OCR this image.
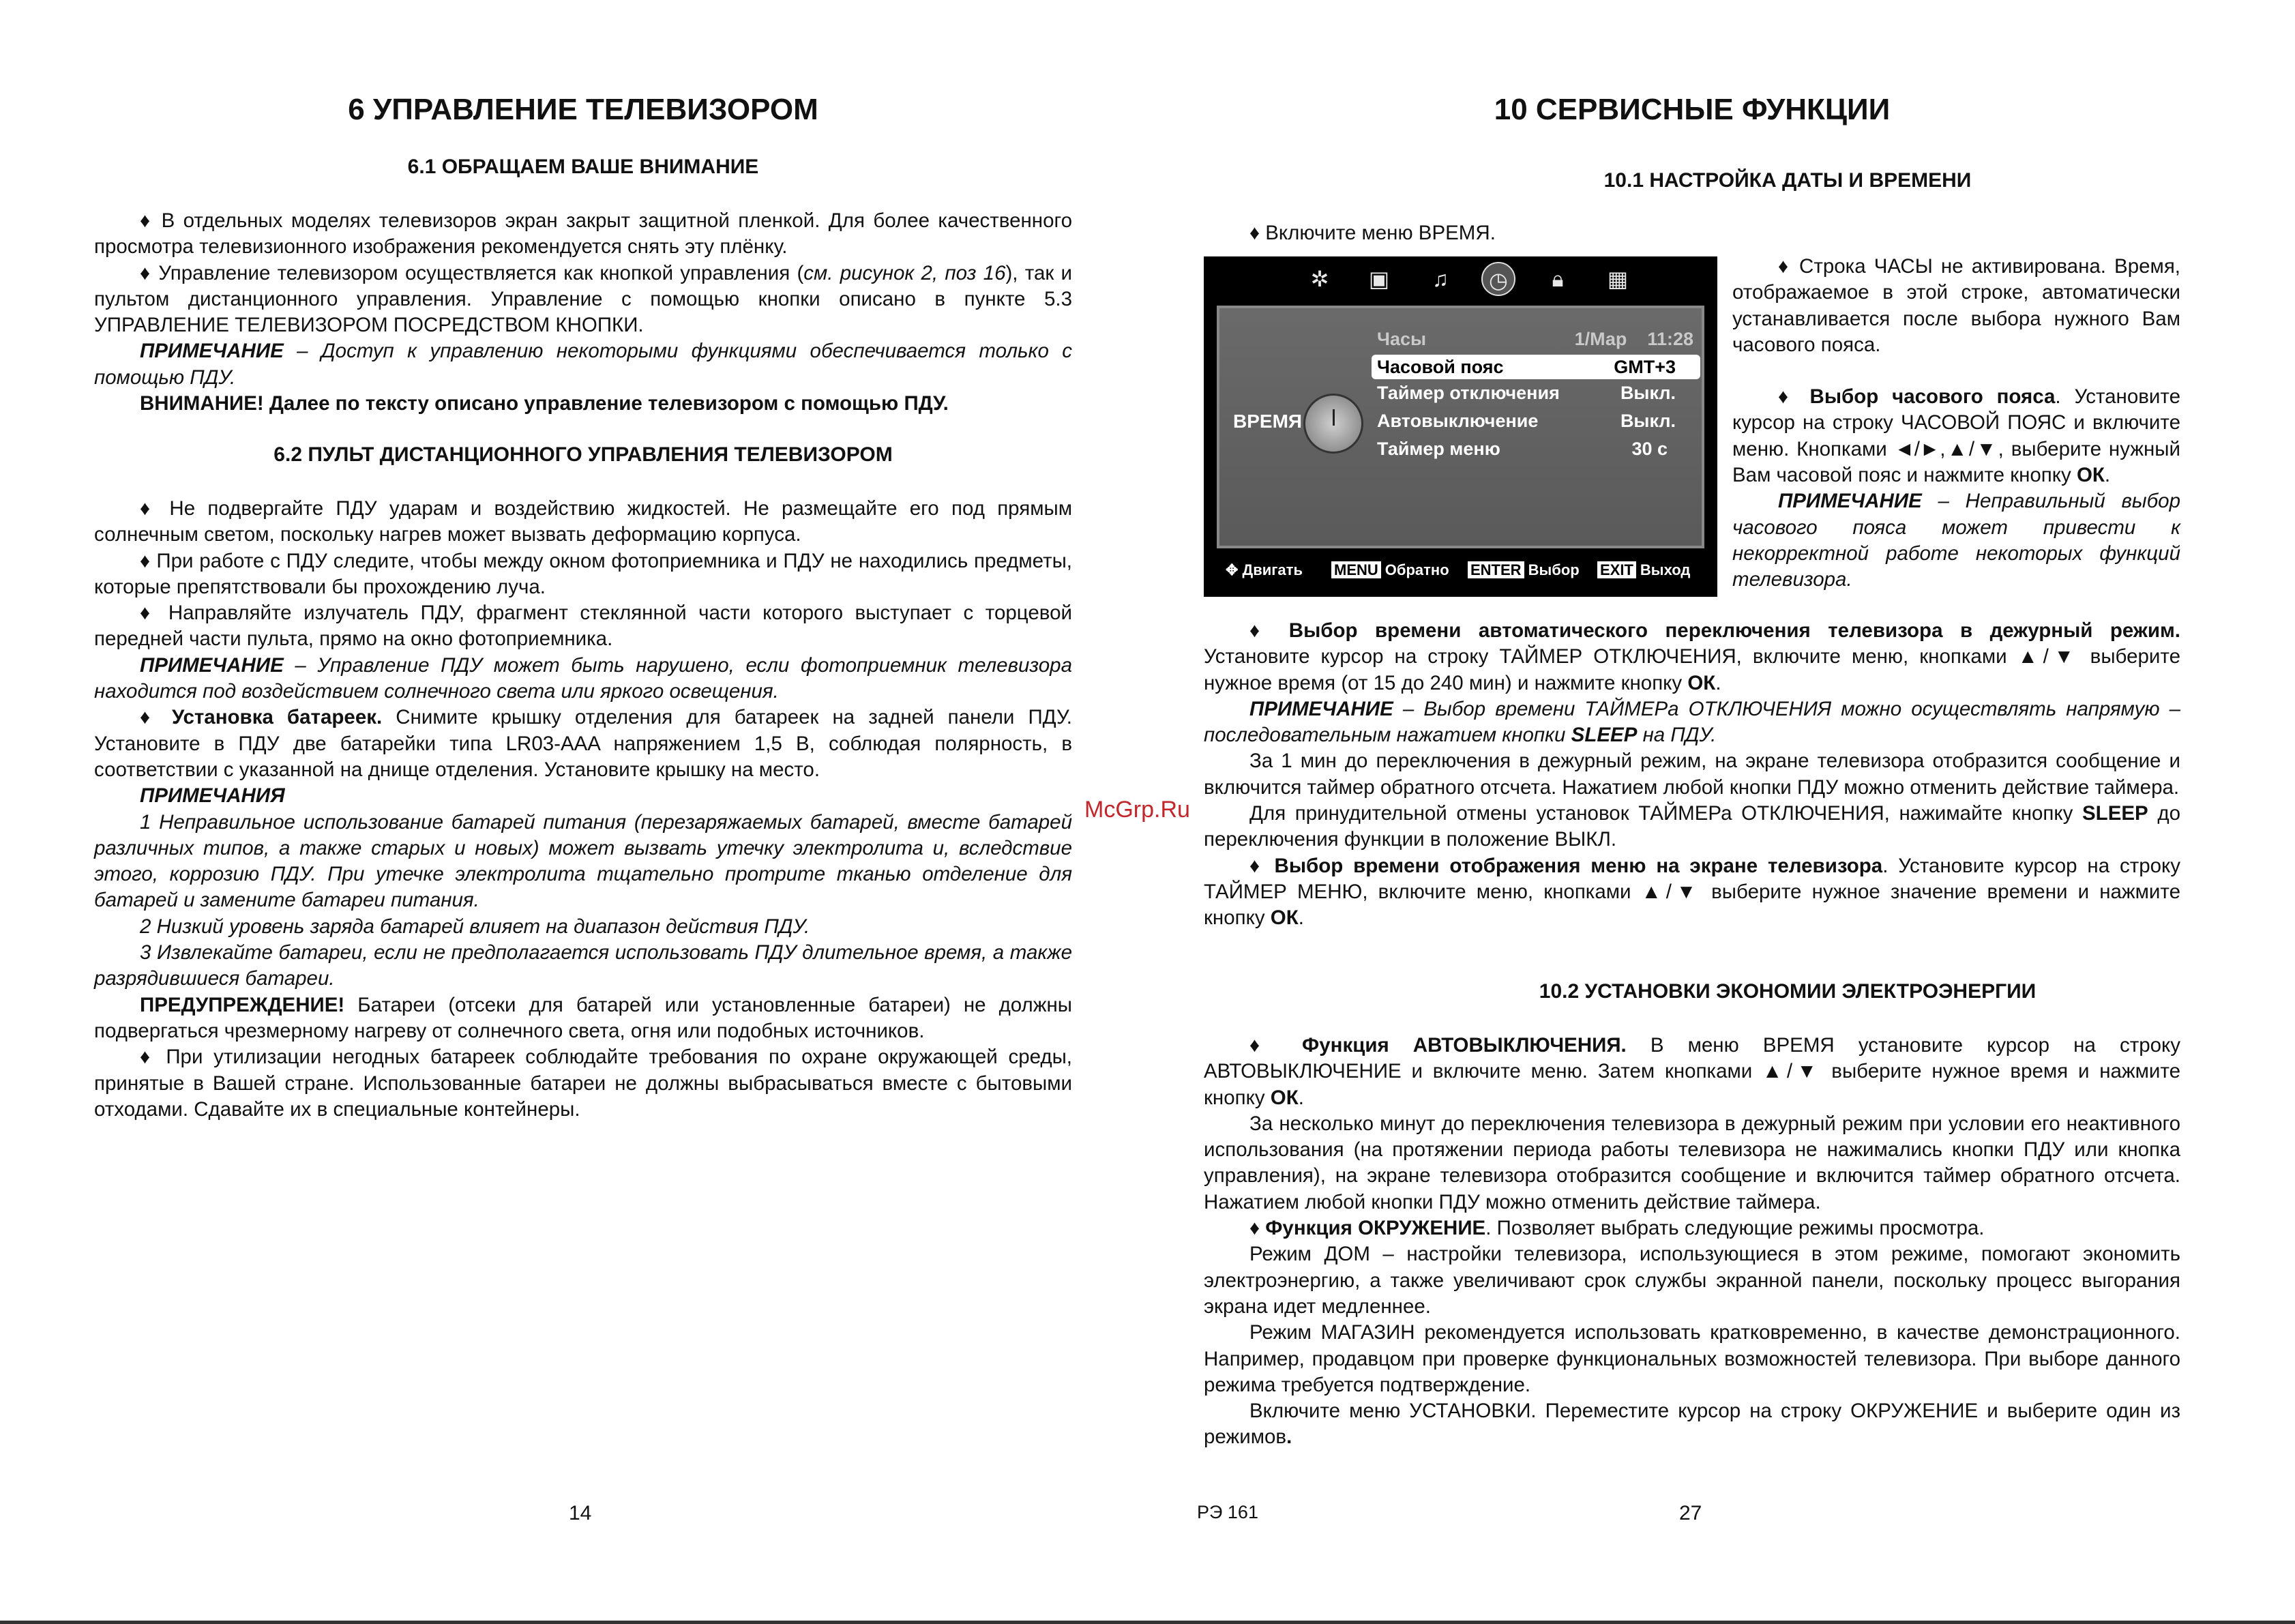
6 УПРАВЛЕНИЕ ТЕЛЕВИЗОРОМ
6.1 ОБРАЩАЕМ ВАШЕ ВНИМАНИЕ

♦ В отдельных моделях телевизоров экран закрыт защитной пленкой. Для более качественного просмотра телевизионного изображения рекомендуется снять эту плёнку.

♦ Управление телевизором осуществляется как кнопкой управления (см. рисунок 2, поз 16), так и пультом дистанционного управления. Управление с помощью кнопки описано в пункте 5.3 УПРАВЛЕНИЕ ТЕЛЕВИЗОРОМ ПОСРЕДСТВОМ КНОПКИ.

ПРИМЕЧАНИЕ – Доступ к управлению некоторыми функциями обеспечивается только с помощью ПДУ.

ВНИМАНИЕ! Далее по тексту описано управление телевизором с помощью ПДУ.

6.2 ПУЛЬТ ДИСТАНЦИОННОГО УПРАВЛЕНИЯ ТЕЛЕВИЗОРОМ

♦ Не подвергайте ПДУ ударам и воздействию жидкостей. Не размещайте его под прямым солнечным светом, поскольку нагрев может вызвать деформацию корпуса.

♦ При работе с ПДУ следите, чтобы между окном фотоприемника и ПДУ не находились предметы, которые препятствовали бы прохождению луча.

♦ Направляйте излучатель ПДУ, фрагмент стеклянной части которого выступает с торцевой передней части пульта, прямо на окно фотоприемника.

ПРИМЕЧАНИЕ – Управление ПДУ может быть нарушено, если фотоприемник телевизора находится под воздействием солнечного света или яркого освещения.

♦ Установка батареек. Снимите крышку отделения для батареек на задней панели ПДУ. Установите в ПДУ две батарейки типа LR03-AAA напряжением 1,5 В, соблюдая полярность, в соответствии с указанной на днище отделения. Установите крышку на место.

ПРИМЕЧАНИЯ

1 Неправильное использование батарей питания (перезаряжаемых батарей, вместе батарей различных типов, а также старых и новых) может вызвать утечку электролита и, вследствие этого, коррозию ПДУ. При утечке электролита тщательно протрите тканью отделение для батарей и замените батареи питания.

2 Низкий уровень заряда батарей влияет на диапазон действия ПДУ.

3 Извлекайте батареи, если не предполагается использовать ПДУ длительное время, а также разрядившиеся батареи.

ПРЕДУПРЕЖДЕНИЕ! Батареи (отсеки для батарей или установленные батареи) не должны подвергаться чрезмерному нагреву от солнечного света, огня или подобных источников.

♦ При утилизации негодных батареек соблюдайте требования по охране окружающей среды, принятые в Вашей стране. Использованные батареи не должны выбрасываться вместе с бытовыми отходами. Сдавайте их в специальные контейнеры.

14
10 СЕРВИСНЫЕ ФУНКЦИИ
10.1 НАСТРОЙКА ДАТЫ И ВРЕМЕНИ
♦ Включите меню ВРЕМЯ.

♦ Выбор времени автоматического переключения телевизора в дежурный режим. Установите курсор на строку ТАЙМЕР ОТКЛЮЧЕНИЯ, включите меню, кнопками ▲/▼ выберите нужное время (от 15 до 240 мин) и нажмите кнопку ОК.

ПРИМЕЧАНИЕ – Выбор времени ТАЙМЕРа ОТКЛЮЧЕНИЯ можно осуществлять напрямую – последовательным нажатием кнопки SLEEP на ПДУ.

За 1 мин до переключения в дежурный режим, на экране телевизора отобразится сообщение и включится таймер обратного отсчета. Нажатием любой кнопки ПДУ можно отменить действие таймера.

Для принудительной отмены установок ТАЙМЕРа ОТКЛЮЧЕНИЯ, нажимайте кнопку SLEEP до переключения функции в положение ВЫКЛ.

♦ Выбор времени отображения меню на экране телевизора. Установите курсор на строку ТАЙМЕР МЕНЮ, включите меню, кнопками ▲/▼ выберите нужное значение времени и нажмите кнопку ОК.

10.2 УСТАНОВКИ ЭКОНОМИИ ЭЛЕКТРОЭНЕРГИИ

♦ Функция АВТОВЫКЛЮЧЕНИЯ. В меню ВРЕМЯ установите курсор на строку АВТОВЫКЛЮЧЕНИЕ и включите меню. Затем кнопками ▲/▼ выберите нужное время и нажмите кнопку ОК.

За несколько минут до переключения телевизора в дежурный режим при условии его неактивного использования (на протяжении периода работы телевизора не нажимались кнопки ПДУ или кнопка управления), на экране телевизора отобразится сообщение и включится таймер обратного отсчета. Нажатием любой кнопки ПДУ можно отменить действие таймера.

♦ Функция ОКРУЖЕНИЕ. Позволяет выбрать следующие режимы просмотра.

Режим ДОМ – настройки телевизора, использующиеся в этом режиме, помогают экономить электроэнергию, а также увеличивают срок службы экранной панели, поскольку процесс выгорания экрана идет медленнее.

Режим МАГАЗИН рекомендуется использовать кратковременно, в качестве демонстрационного. Например, продавцом при проверке функциональных возможностей телевизора. При выборе данного режима требуется подтверждение.

Включите меню УСТАНОВКИ. Переместите курсор на строку ОКРУЖЕНИЕ и выберите один из режимов.

27

♦ Строка ЧАСЫ не активирована. Время, отображаемое в этой строке, автоматически устанавливается после выбора нужного Вам часового пояса.

♦ Выбор часового пояса. Установите курсор на строку ЧАСОВОЙ ПОЯС и включите меню. Кнопками ◄/►,▲/▼, выберите нужный Вам часовой пояс и нажмите кнопку ОК.

ПРИМЕЧАНИЕ – Неправильный выбор часового пояса может привести к некорректной работе некоторых функций телевизора.

✲	▣	♫	◷	🔒︎	▦
ВРЕМЯ
Часы	1/Мар    11:28
Часовой пояс	GMT+3
Таймер отключения	Выкл.
Автовыключение	Выкл.
Таймер меню	30 с
✥ Двигать MENU Обратно ENTER Выбор EXIT Выход
РЭ 161
McGrp.Ru
